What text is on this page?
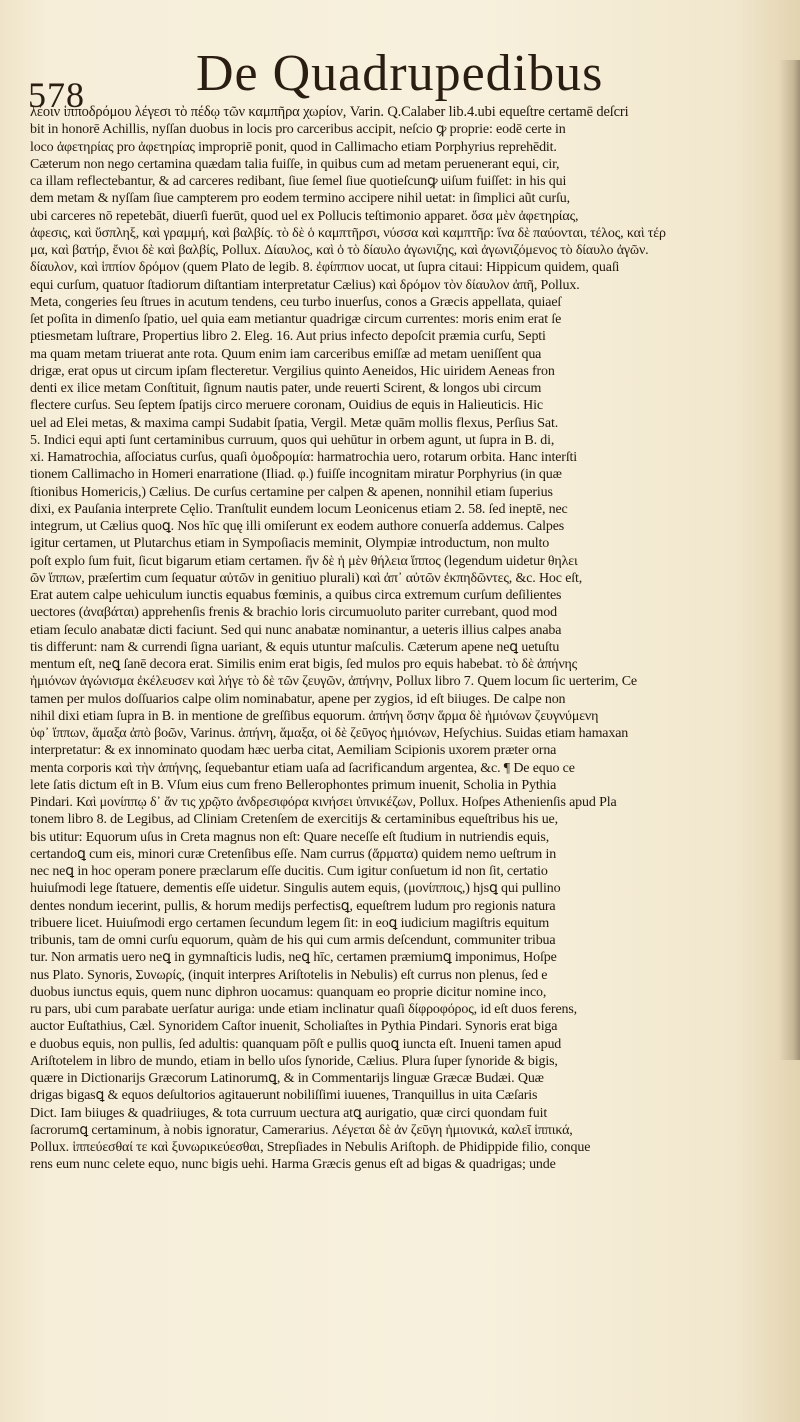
578 De Quadrupedibus
λέοιν ἱπποδρόμου λέγεσι τὸ πέδῳ τῶν καμπῆρα χωρίον, Varin. Q.Calaber lib.4.ubi equeſtre certamē deſcri
bit in honorē Achillis, nyſſan duobus in locis pro carceribus accipit, neſcio ꝙ proprie: eodē certe in
loco ἀφετηρίας pro ἀφετηρίας impropriē ponit, quod in Callimacho etiam Porphyrius reprehēdit.
Cæterum non nego certamina quædam talia fuiſſe, in quibus cum ad metam peruenerant equi, cir,
ca illam reflectebantur, & ad carceres redibant, ſiue ſemel ſiue quotieſcunꝙ uiſum fuiſſet: in his qui
dem metam & nyſſam ſiue campterem pro eodem termino accipere nihil uetat: in ſimplici aũt curſu,
ubi carceres nō repetebāt, diuerſi fuerūt, quod uel ex Pollucis teſtimonio apparet. ὅσα μὲν ἀφετηρίας,
ἀφεσις, καὶ ὕσπληξ, καὶ γραμμή, καὶ βαλβίς. τὸ δὲ ὁ καμπτῆρσι, νύσσα καὶ καμπτῆρ: ἵνα δὲ παύονται, τέλος, καὶ τέρ
μα, καὶ βατήρ, ἔνιοι δὲ καὶ βαλβίς, Pollux. Δίαυλος, καὶ ὁ τὸ δίαυλο ἀγωνιζης, καὶ ἀγωνιζόμενος τὸ δίαυλο ἀγῶν.
δίαυλον, καὶ ἱππίον δρόμον (quem Plato de legib. 8. ἐφίππιον uocat, ut ſupra citaui: Hippicum quidem, quaſi
equi curſum, quatuor ſtadiorum diſtantiam interpretatur Cælius) καὶ δρόμον τὸν δίαυλον ἀπῆ, Pollux.
Meta, congeries ſeu ſtrues in acutum tendens, ceu turbo inuerſus, conos a Græcis appellata, quiaeſ
ſet poſita in dimenſo ſpatio, uel quia eam metiantur quadrigæ circum currentes: moris enim erat ſe
ptiesmetam luſtrare, Propertius libro 2. Eleg. 16. Aut prius infecto depoſcit præmia curſu, Septi
ma quam metam triuerat ante rota. Quum enim iam carceribus emiſſæ ad metam ueniſſent qua
drigæ, erat opus ut circum ipſam flecteretur. Vergilius quinto Aeneidos, Hic uiridem Aeneas fron
denti ex ilice metam Conſtituit, ſignum nautis pater, unde reuerti Scirent, & longos ubi circum
flectere curſus. Seu ſeptem ſpatijs circo meruere coronam, Ouidius de equis in Halieuticis. Hic
uel ad Elei metas, & maxima campi Sudabit ſpatia, Vergil. Metæ quām mollis flexus, Perſius Sat.
5. Indici equi apti ſunt certaminibus curruum, quos qui uehūtur in orbem agunt, ut ſupra in B. di,
xi. Hamatrochia, aſſociatus curſus, quaſi ὁμοδρομία: harmatrochia uero, rotarum orbita. Hanc interſti
tionem Callimacho in Homeri enarratione (Iliad. φ.) fuiſſe incognitam miratur Porphyrius (in quæ
ſtionibus Homericis,) Cælius. De curſus certamine per calpen & apenen, nonnihil etiam ſuperius
dixi, ex Pauſania interprete Cęlio. Tranſtulit eundem locum Leonicenus etiam 2. 58. ſed ineptē, nec
integrum, ut Cælius quoꝗ. Nos hīc quę illi omiſerunt ex eodem authore conuerſa addemus. Calpes
igitur certamen, ut Plutarchus etiam in Sympoſiacis meminit, Olympiæ introductum, non multo
poſt explo ſum fuit, ſicut bigarum etiam certamen. ἥν δὲ ἡ μὲν θήλεια ἵππος (legendum uidetur θηλει
ῶν ἵππων, præſertim cum ſequatur αὐτῶν in genitiuo plurali) καὶ ἀπ᾽ αὐτῶν ἐκπηδῶντες, &c. Hoc eſt,
Erat autem calpe uehiculum iunctis equabus fœminis, a quibus circa extremum curſum deſilientes
uectores (ἀναβάται) apprehenſis frenis & brachio loris circumuoluto pariter currebant, quod mod
etiam ſeculo anabatæ dicti faciunt. Sed qui nunc anabatæ nominantur, a ueteris illius calpes anaba
tis differunt: nam & currendi ſigna uariant, & equis utuntur maſculis. Cæterum apene neꝗ uetuſtu
mentum eſt, neꝗ ſanē decora erat. Similis enim erat bigis, ſed mulos pro equis habebat. τὸ δὲ ἀπήνης
ἡμιόνων ἀγώνισμα ἐκέλευσεν καὶ λήγε τὸ δὲ τῶν ζευγῶν, ἀπήνην, Pollux libro 7. Quem locum ſic uerterim, Ce
tamen per mulos doſſuarios calpe olim nominabatur, apene per zygios, id eſt biiuges. De calpe non
nihil dixi etiam ſupra in B. in mentione de greſſibus equorum. ἀπήνη ὅσην ἅρμα δὲ ἡμιόνων ζευγνύμενη
ὑφ᾽ ἵππων, ἅμαξα ἀπὸ βοῶν, Varinus. ἀπήνη, ἅμαξα, οἱ δὲ ζεῦγος ἡμιόνων, Heſychius. Suidas etiam hamaxan
interpretatur: & ex innominato quodam hæc uerba citat, Aemiliam Scipionis uxorem præter orna
menta corporis καὶ τὴν ἀπήνης, ſequebantur etiam uaſa ad ſacrificandum argentea, &c. ¶ De equo ce
lete ſatis dictum eſt in B. Vſum eius cum freno Bellerophontes primum inuenit, Scholia in Pythia
Pindari. Καὶ μονίππῳ δ᾽ ἄν τις χρῷτο ἀνδρεσιφόρα κινήσει ὑπνικέζων, Pollux. Hoſpes Athenienſis apud Pla
tonem libro 8. de Legibus, ad Cliniam Cretenſem de exercitijs & certaminibus equeſtribus his ue,
bis utitur: Equorum uſus in Creta magnus non eſt: Quare neceſſe eſt ſtudium in nutriendis equis,
certandoꝗ cum eis, minori curæ Cretenſibus eſſe. Nam currus (ἅρματα) quidem nemo ueſtrum in
nec neꝗ in hoc operam ponere præclarum eſſe ducitis. Cum igitur conſuetum id non ſit, certatio
huiuſmodi lege ſtatuere, dementis eſſe uidetur. Singulis autem equis, (μονίπποις,) hjsꝗ qui pullino
dentes nondum iecerint, pullis, & horum medijs perfectisꝗ, equeſtrem ludum pro regionis natura
tribuere licet. Huiuſmodi ergo certamen ſecundum legem ſit: in eoꝗ iudicium magiſtris equitum
tribunis, tam de omni curſu equorum, quàm de his qui cum armis deſcendunt, communiter tribua
tur. Non armatis uero neꝗ in gymnaſticis ludis, neꝗ hīc, certamen præmiumꝗ imponimus, Hoſpe
nus Plato. Synoris, Συνωρίς, (inquit interpres Ariſtotelis in Nebulis) eſt currus non plenus, ſed e
duobus iunctus equis, quem nunc diphron uocamus: quanquam eo proprie dicitur nomine inco,
ru pars, ubi cum parabate uerſatur auriga: unde etiam inclinatur quaſi δίφροφόρος, id eſt duos ferens,
auctor Euſtathius, Cæl. Synoridem Caſtor inuenit, Scholiaſtes in Pythia Pindari. Synoris erat biga
e duobus equis, non pullis, ſed adultis: quanquam pōſt e pullis quoꝗ iuncta eſt. Inueni tamen apud
Ariſtotelem in libro de mundo, etiam in bello uſos ſynoride, Cælius. Plura ſuper ſynoride & bigis,
quære in Dictionarijs Græcorum Latinorumꝗ, & in Commentarijs linguæ Græcæ Budæi. Quæ
drigas bigasꝗ & equos deſultorios agitauerunt nobiliſſimi iuuenes, Tranquillus in uita Cæſaris
Dict. Iam biiuges & quadriiuges, & tota curruum uectura atꝗ aurigatio, quæ circi quondam fuit
ſacrorumꝗ certaminum, à nobis ignoratur, Camerarius. Λέγεται δὲ ἀν ζεῦγη ἡμιονικά, καλεῖ ἱππικά,
Pollux. ἱππεύεσθαί τε καὶ ξυνωρικεύεσθαι, Strepſiades in Nebulis Ariſtoph. de Phidippide filio, conque
rens eum nunc celete equo, nunc bigis uehi. Harma Græcis genus eſt ad bigas & quadrigas; unde
